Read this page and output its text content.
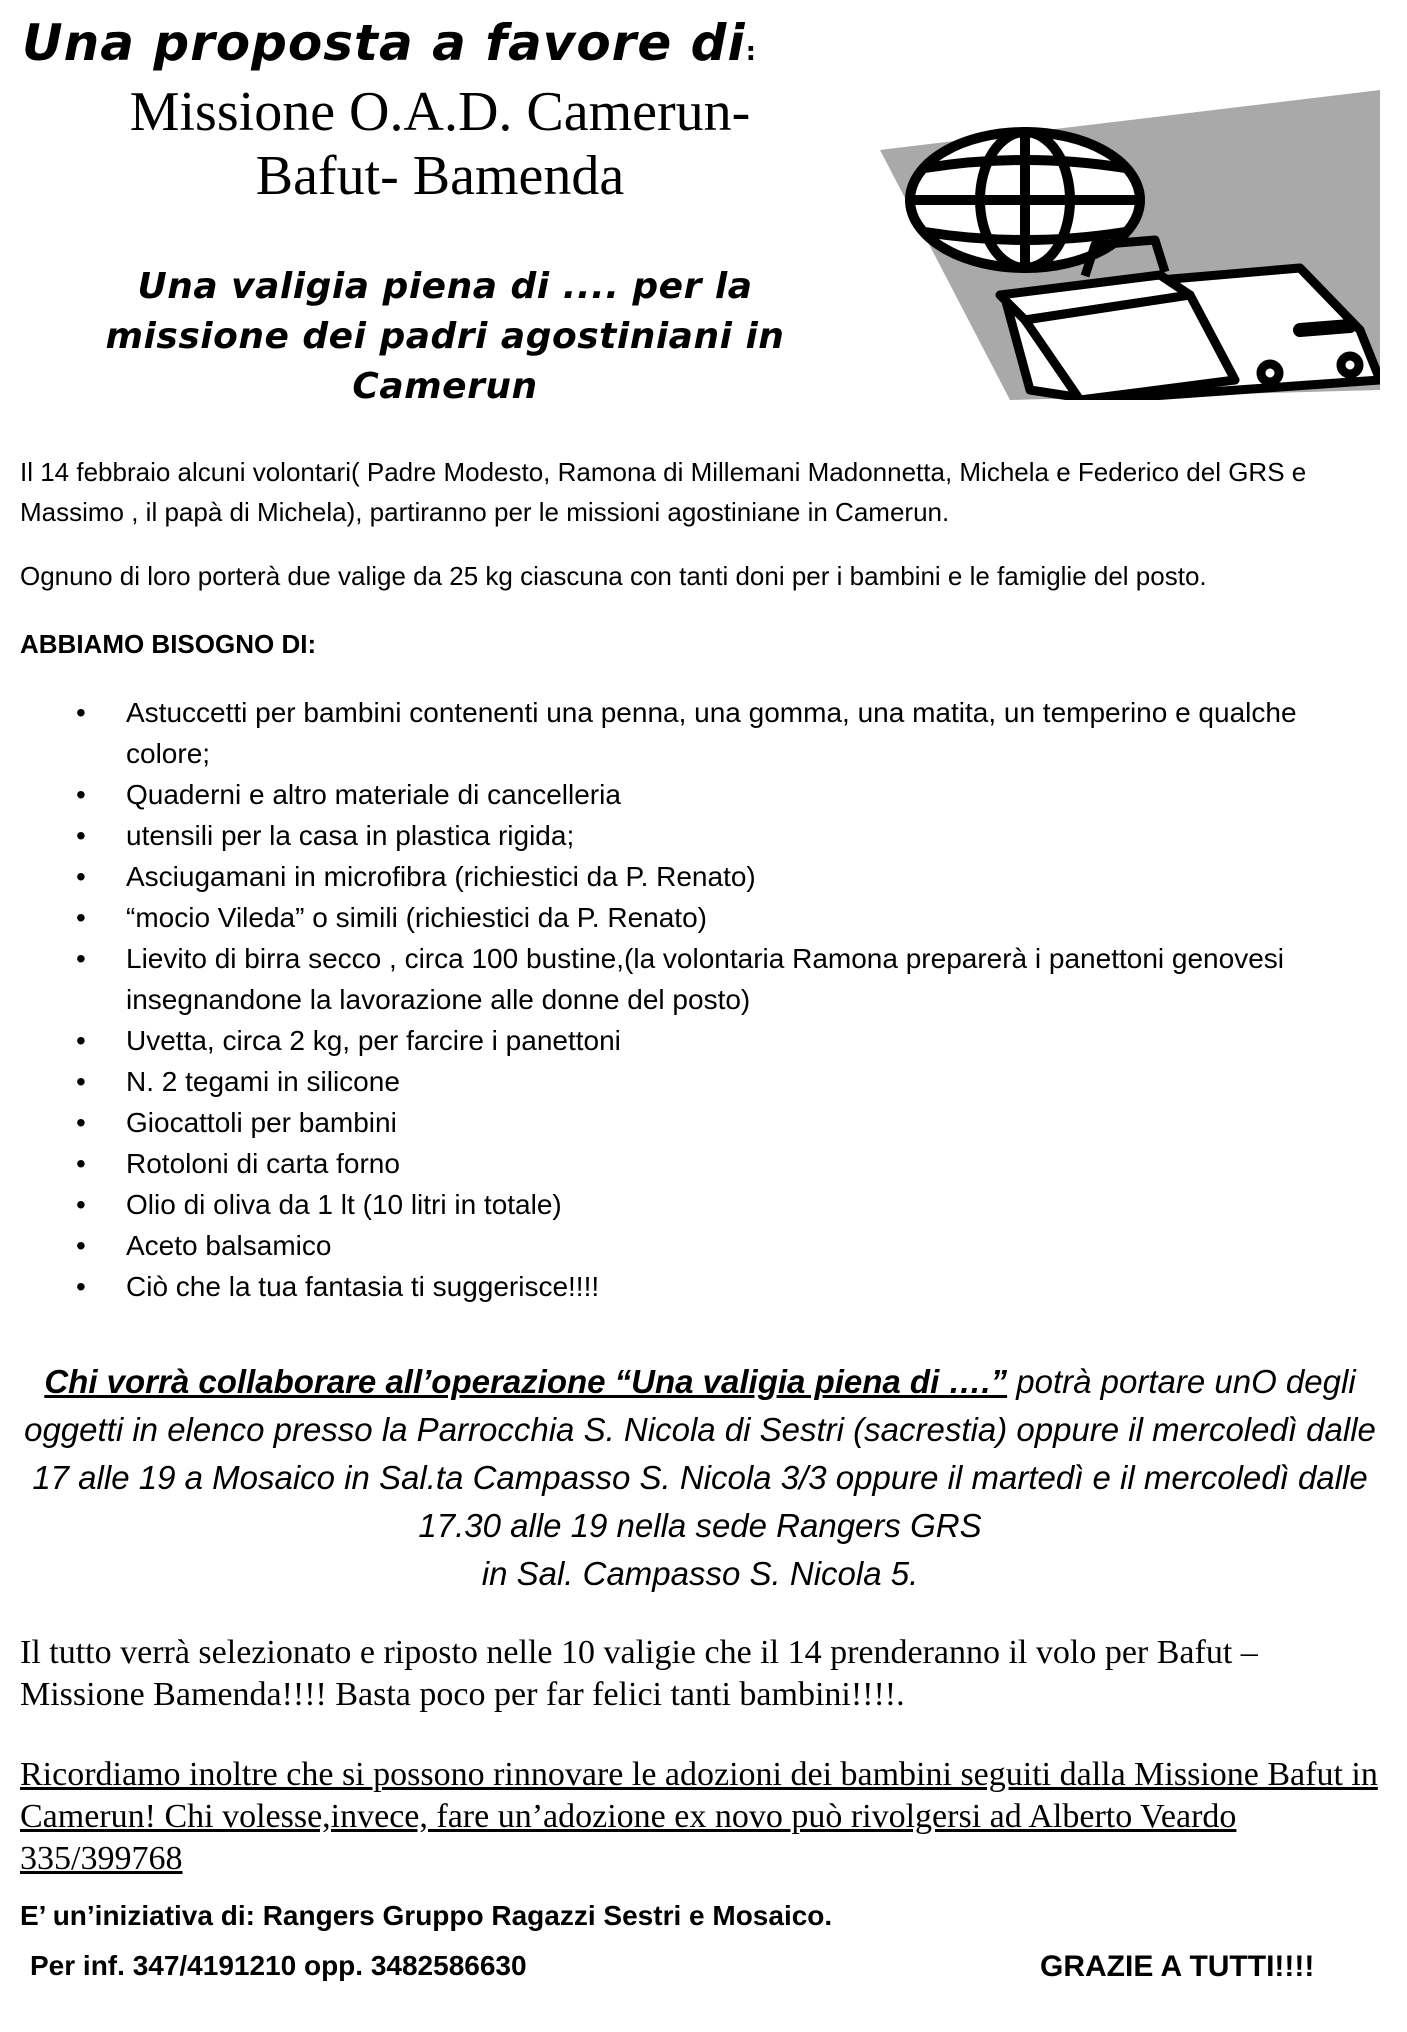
Una proposta a favore di:
Missione O.A.D. Camerun-
Bafut- Bamenda
Una valigia piena di .... per la
missione dei padri agostiniani in
Camerun
Il 14 febbraio alcuni volontari( Padre Modesto, Ramona di Millemani Madonnetta, Michela e Federico del GRS e Massimo , il papà di Michela), partiranno per le missioni agostiniane in Camerun.
Ognuno di loro porterà due valige da 25 kg ciascuna con tanti doni per i bambini e le famiglie del posto.
ABBIAMO BISOGNO DI:
• Astuccetti per bambini contenenti una penna, una gomma, una matita, un temperino e qualche colore;
• Quaderni e altro materiale di cancelleria
• utensili per la casa in plastica rigida;
• Asciugamani in microfibra (richiestici da P. Renato)
• “mocio Vileda” o simili (richiestici da P. Renato)
• Lievito di birra secco , circa 100 bustine,(la volontaria Ramona preparerà i panettoni genovesi insegnandone la lavorazione alle donne del posto)
• Uvetta, circa 2 kg, per farcire i panettoni
• N. 2 tegami in silicone
• Giocattoli per bambini
• Rotoloni di carta forno
• Olio di oliva da 1 lt (10 litri in totale)
• Aceto balsamico
• Ciò che la tua fantasia ti suggerisce!!!!
Chi vorrà collaborare all’operazione “Una valigia piena di ….” potrà portare unO degli oggetti in elenco presso la Parrocchia S. Nicola di Sestri (sacrestia) oppure il mercoledì dalle 17 alle 19 a Mosaico in Sal.ta Campasso S. Nicola 3/3 oppure il martedì e il mercoledì dalle 17.30 alle 19 nella sede Rangers GRS
in Sal. Campasso S. Nicola 5.
Il tutto verrà selezionato e riposto nelle 10 valigie che il 14 prenderanno il volo per Bafut – Missione Bamenda!!!! Basta poco per far felici tanti bambini!!!!.
Ricordiamo inoltre che si possono rinnovare le adozioni dei bambini seguiti dalla Missione Bafut in Camerun! Chi volesse,invece, fare un’adozione ex novo può rivolgersi ad Alberto Veardo 335/399768
E’ un’iniziativa di: Rangers Gruppo Ragazzi Sestri e Mosaico.
Per inf. 347/4191210 opp. 3482586630	GRAZIE A TUTTI!!!!
